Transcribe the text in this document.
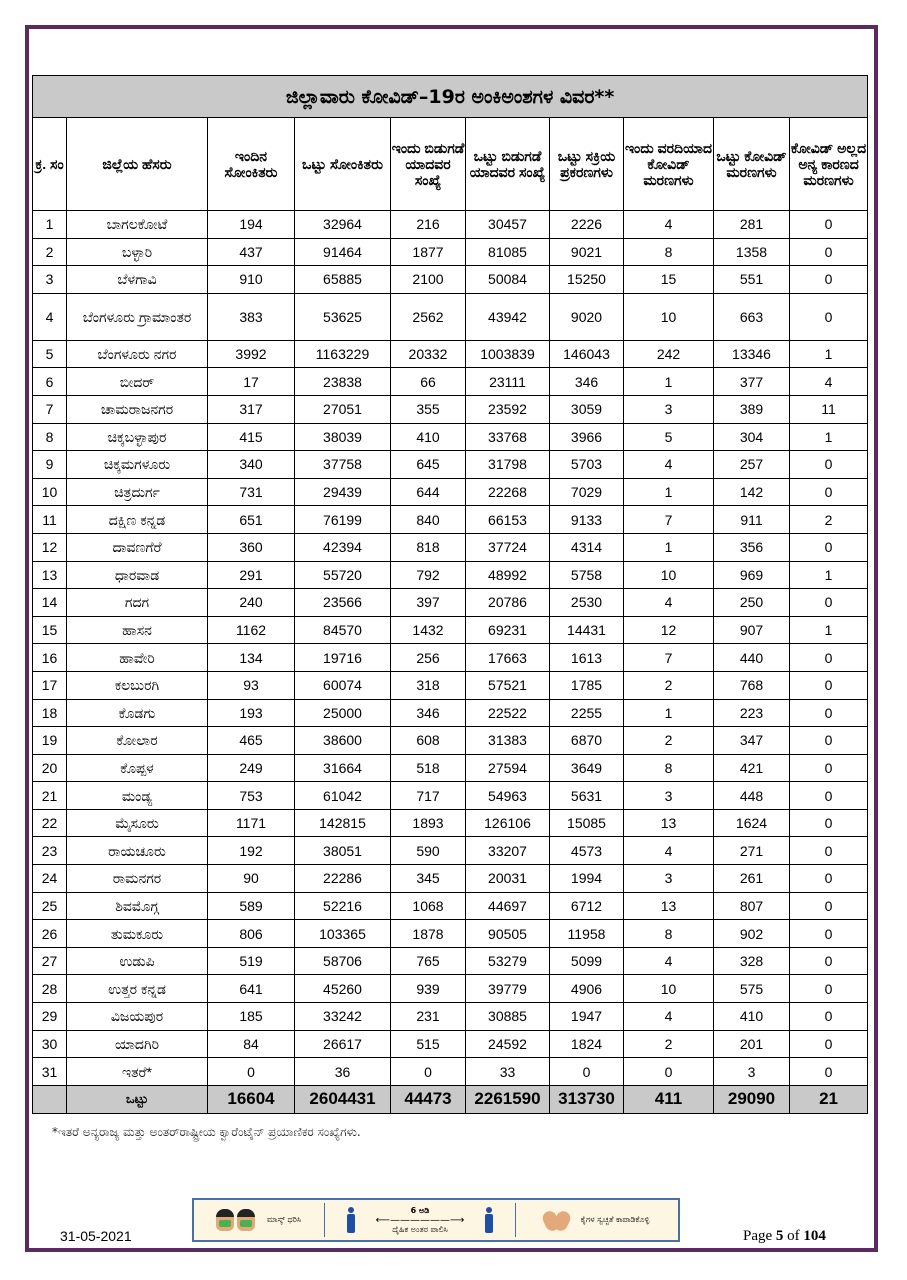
ಜಿಲ್ಲಾವಾರು ಕೋವಿಡ್–19ರ ಅಂಕಿಅಂಶಗಳ ವಿವರ**									
ಕ್ರ. ಸಂ	ಜಿಲ್ಲೆಯ ಹೆಸರು	ಇಂದಿನ ಸೋಂಕಿತರು	ಒಟ್ಟು ಸೋಂಕಿತರು	ಇಂದು ಬಿಡುಗಡೆ ಯಾದವರ ಸಂಖ್ಯೆ	ಒಟ್ಟು ಬಿಡುಗಡೆ ಯಾದವರ ಸಂಖ್ಯೆ	ಒಟ್ಟು ಸಕ್ರಿಯ ಪ್ರಕರಣಗಳು	ಇಂದು ವರದಿಯಾದ ಕೋವಿಡ್ ಮರಣಗಳು	ಒಟ್ಟು ಕೋವಿಡ್ ಮರಣಗಳು	ಕೋವಿಡ್ ಅಲ್ಲದ ಅನ್ಯ ಕಾರಣದ ಮರಣಗಳು
1	ಬಾಗಲಕೋಟೆ	194	32964	216	30457	2226	4	281	0
2	ಬಳ್ಳಾರಿ	437	91464	1877	81085	9021	8	1358	0
3	ಬೆಳಗಾವಿ	910	65885	2100	50084	15250	15	551	0
4	ಬೆಂಗಳೂರು ಗ್ರಾಮಾಂತರ	383	53625	2562	43942	9020	10	663	0
5	ಬೆಂಗಳೂರು ನಗರ	3992	1163229	20332	1003839	146043	242	13346	1
6	ಬೀದರ್	17	23838	66	23111	346	1	377	4
7	ಚಾಮರಾಜನಗರ	317	27051	355	23592	3059	3	389	11
8	ಚಿಕ್ಕಬಳ್ಳಾಪುರ	415	38039	410	33768	3966	5	304	1
9	ಚಿಕ್ಕಮಗಳೂರು	340	37758	645	31798	5703	4	257	0
10	ಚಿತ್ರದುರ್ಗ	731	29439	644	22268	7029	1	142	0
11	ದಕ್ಷಿಣ ಕನ್ನಡ	651	76199	840	66153	9133	7	911	2
12	ದಾವಣಗೆರೆ	360	42394	818	37724	4314	1	356	0
13	ಧಾರವಾಡ	291	55720	792	48992	5758	10	969	1
14	ಗದಗ	240	23566	397	20786	2530	4	250	0
15	ಹಾಸನ	1162	84570	1432	69231	14431	12	907	1
16	ಹಾವೇರಿ	134	19716	256	17663	1613	7	440	0
17	ಕಲಬುರಗಿ	93	60074	318	57521	1785	2	768	0
18	ಕೊಡಗು	193	25000	346	22522	2255	1	223	0
19	ಕೋಲಾರ	465	38600	608	31383	6870	2	347	0
20	ಕೊಪ್ಪಳ	249	31664	518	27594	3649	8	421	0
21	ಮಂಡ್ಯ	753	61042	717	54963	5631	3	448	0
22	ಮೈಸೂರು	1171	142815	1893	126106	15085	13	1624	0
23	ರಾಯಚೂರು	192	38051	590	33207	4573	4	271	0
24	ರಾಮನಗರ	90	22286	345	20031	1994	3	261	0
25	ಶಿವಮೊಗ್ಗ	589	52216	1068	44697	6712	13	807	0
26	ತುಮಕೂರು	806	103365	1878	90505	11958	8	902	0
27	ಉಡುಪಿ	519	58706	765	53279	5099	4	328	0
28	ಉತ್ತರ ಕನ್ನಡ	641	45260	939	39779	4906	10	575	0
29	ವಿಜಯಪುರ	185	33242	231	30885	1947	4	410	0
30	ಯಾದಗಿರಿ	84	26617	515	24592	1824	2	201	0
31	ಇತರೆ*	0	36	0	33	0	0	3	0
	ಒಟ್ಟು	16604	2604431	44473	2261590	313730	411	29090	21
*ಇತರೆ ಅನ್ಯರಾಜ್ಯ ಮತ್ತು ಅಂತರ್‌ರಾಷ್ಟ್ರೀಯ ಕ್ವಾರೆಂಟೈನ್ ಪ್ರಯಾಣಿಕರ ಸಂಖ್ಯೆಗಳು.
ಮಾಸ್ಕ್ ಧರಿಸಿ
6 ಅಡಿ
⟵——————⟶
ದೈಹಿಕ ಅಂತರ ಪಾಲಿಸಿ
ಕೈಗಳ ಸ್ವಚ್ಛತೆ ಕಾಪಾಡಿಕೊಳ್ಳಿ
31-05-2021	Page 5 of 104
